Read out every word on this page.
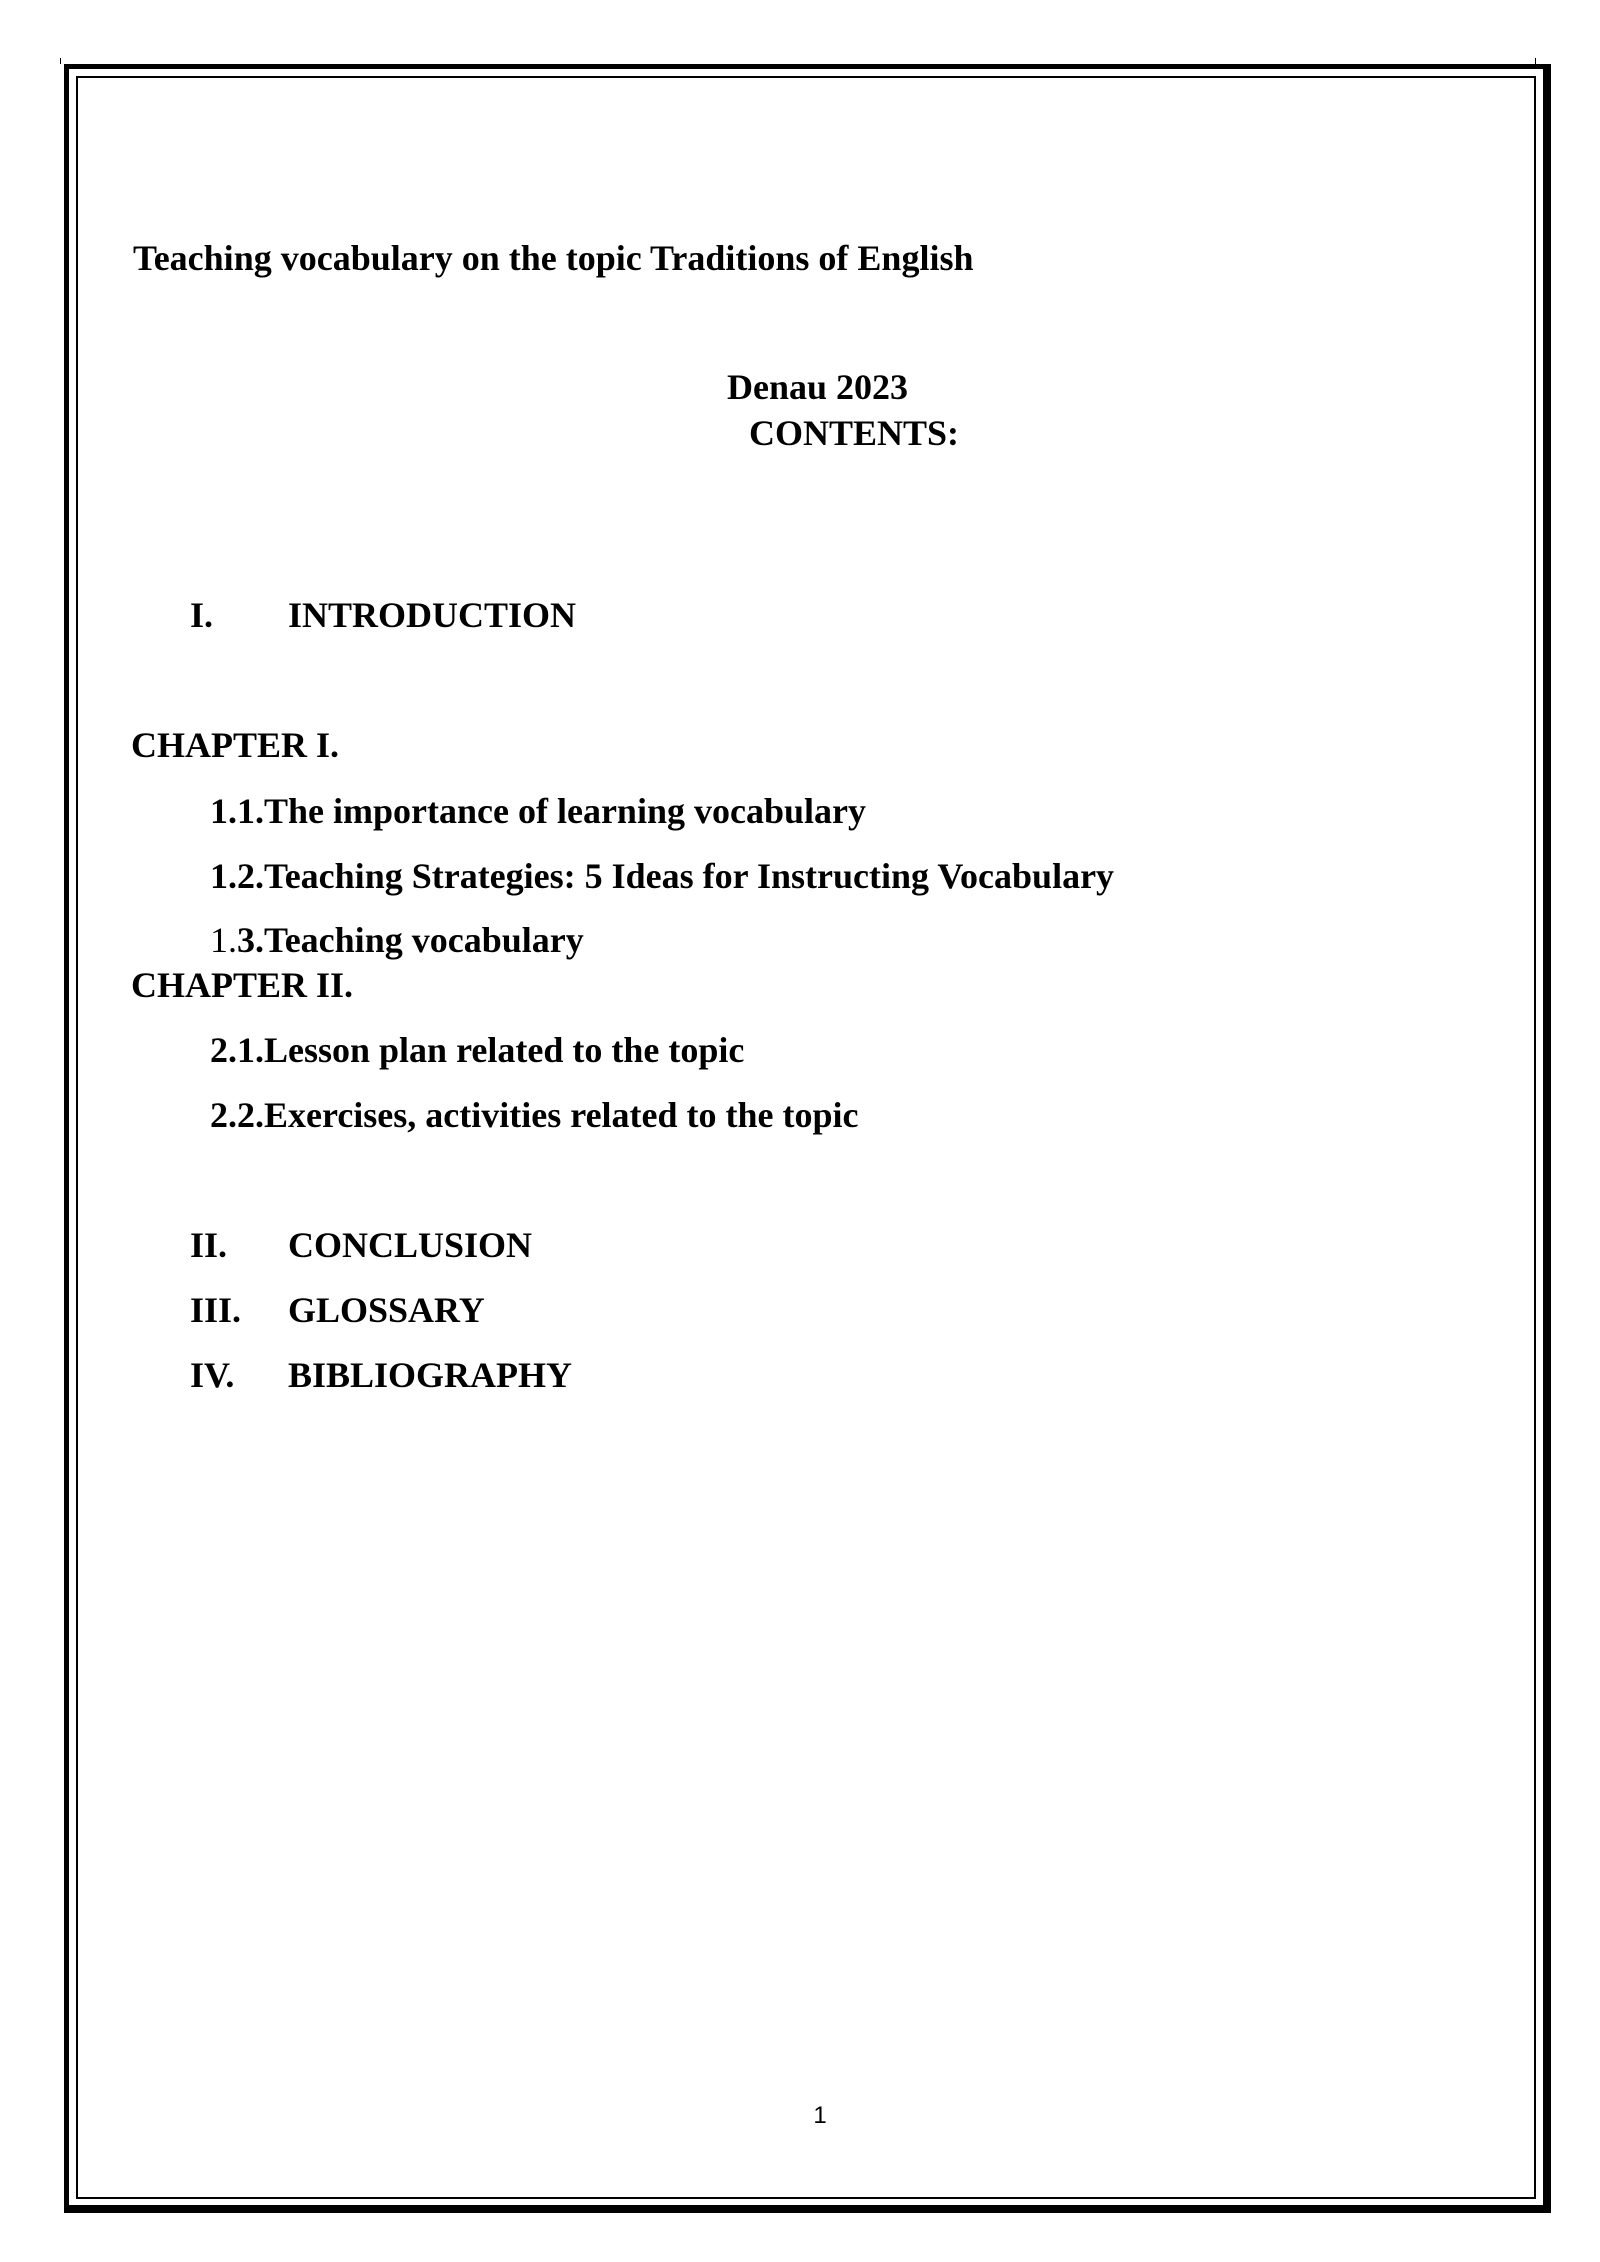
Teaching vocabulary on the topic Traditions of English
Denau 2023
CONTENTS:
I. INTRODUCTION
CHAPTER I.
1.1.The importance of learning vocabulary
1.2.Teaching Strategies: 5 Ideas for Instructing Vocabulary
1.3.Teaching vocabulary
CHAPTER II.
2.1.Lesson plan related to the topic
2.2.Exercises, activities related to the topic
II. CONCLUSION
III. GLOSSARY
IV. BIBLIOGRAPHY
1
